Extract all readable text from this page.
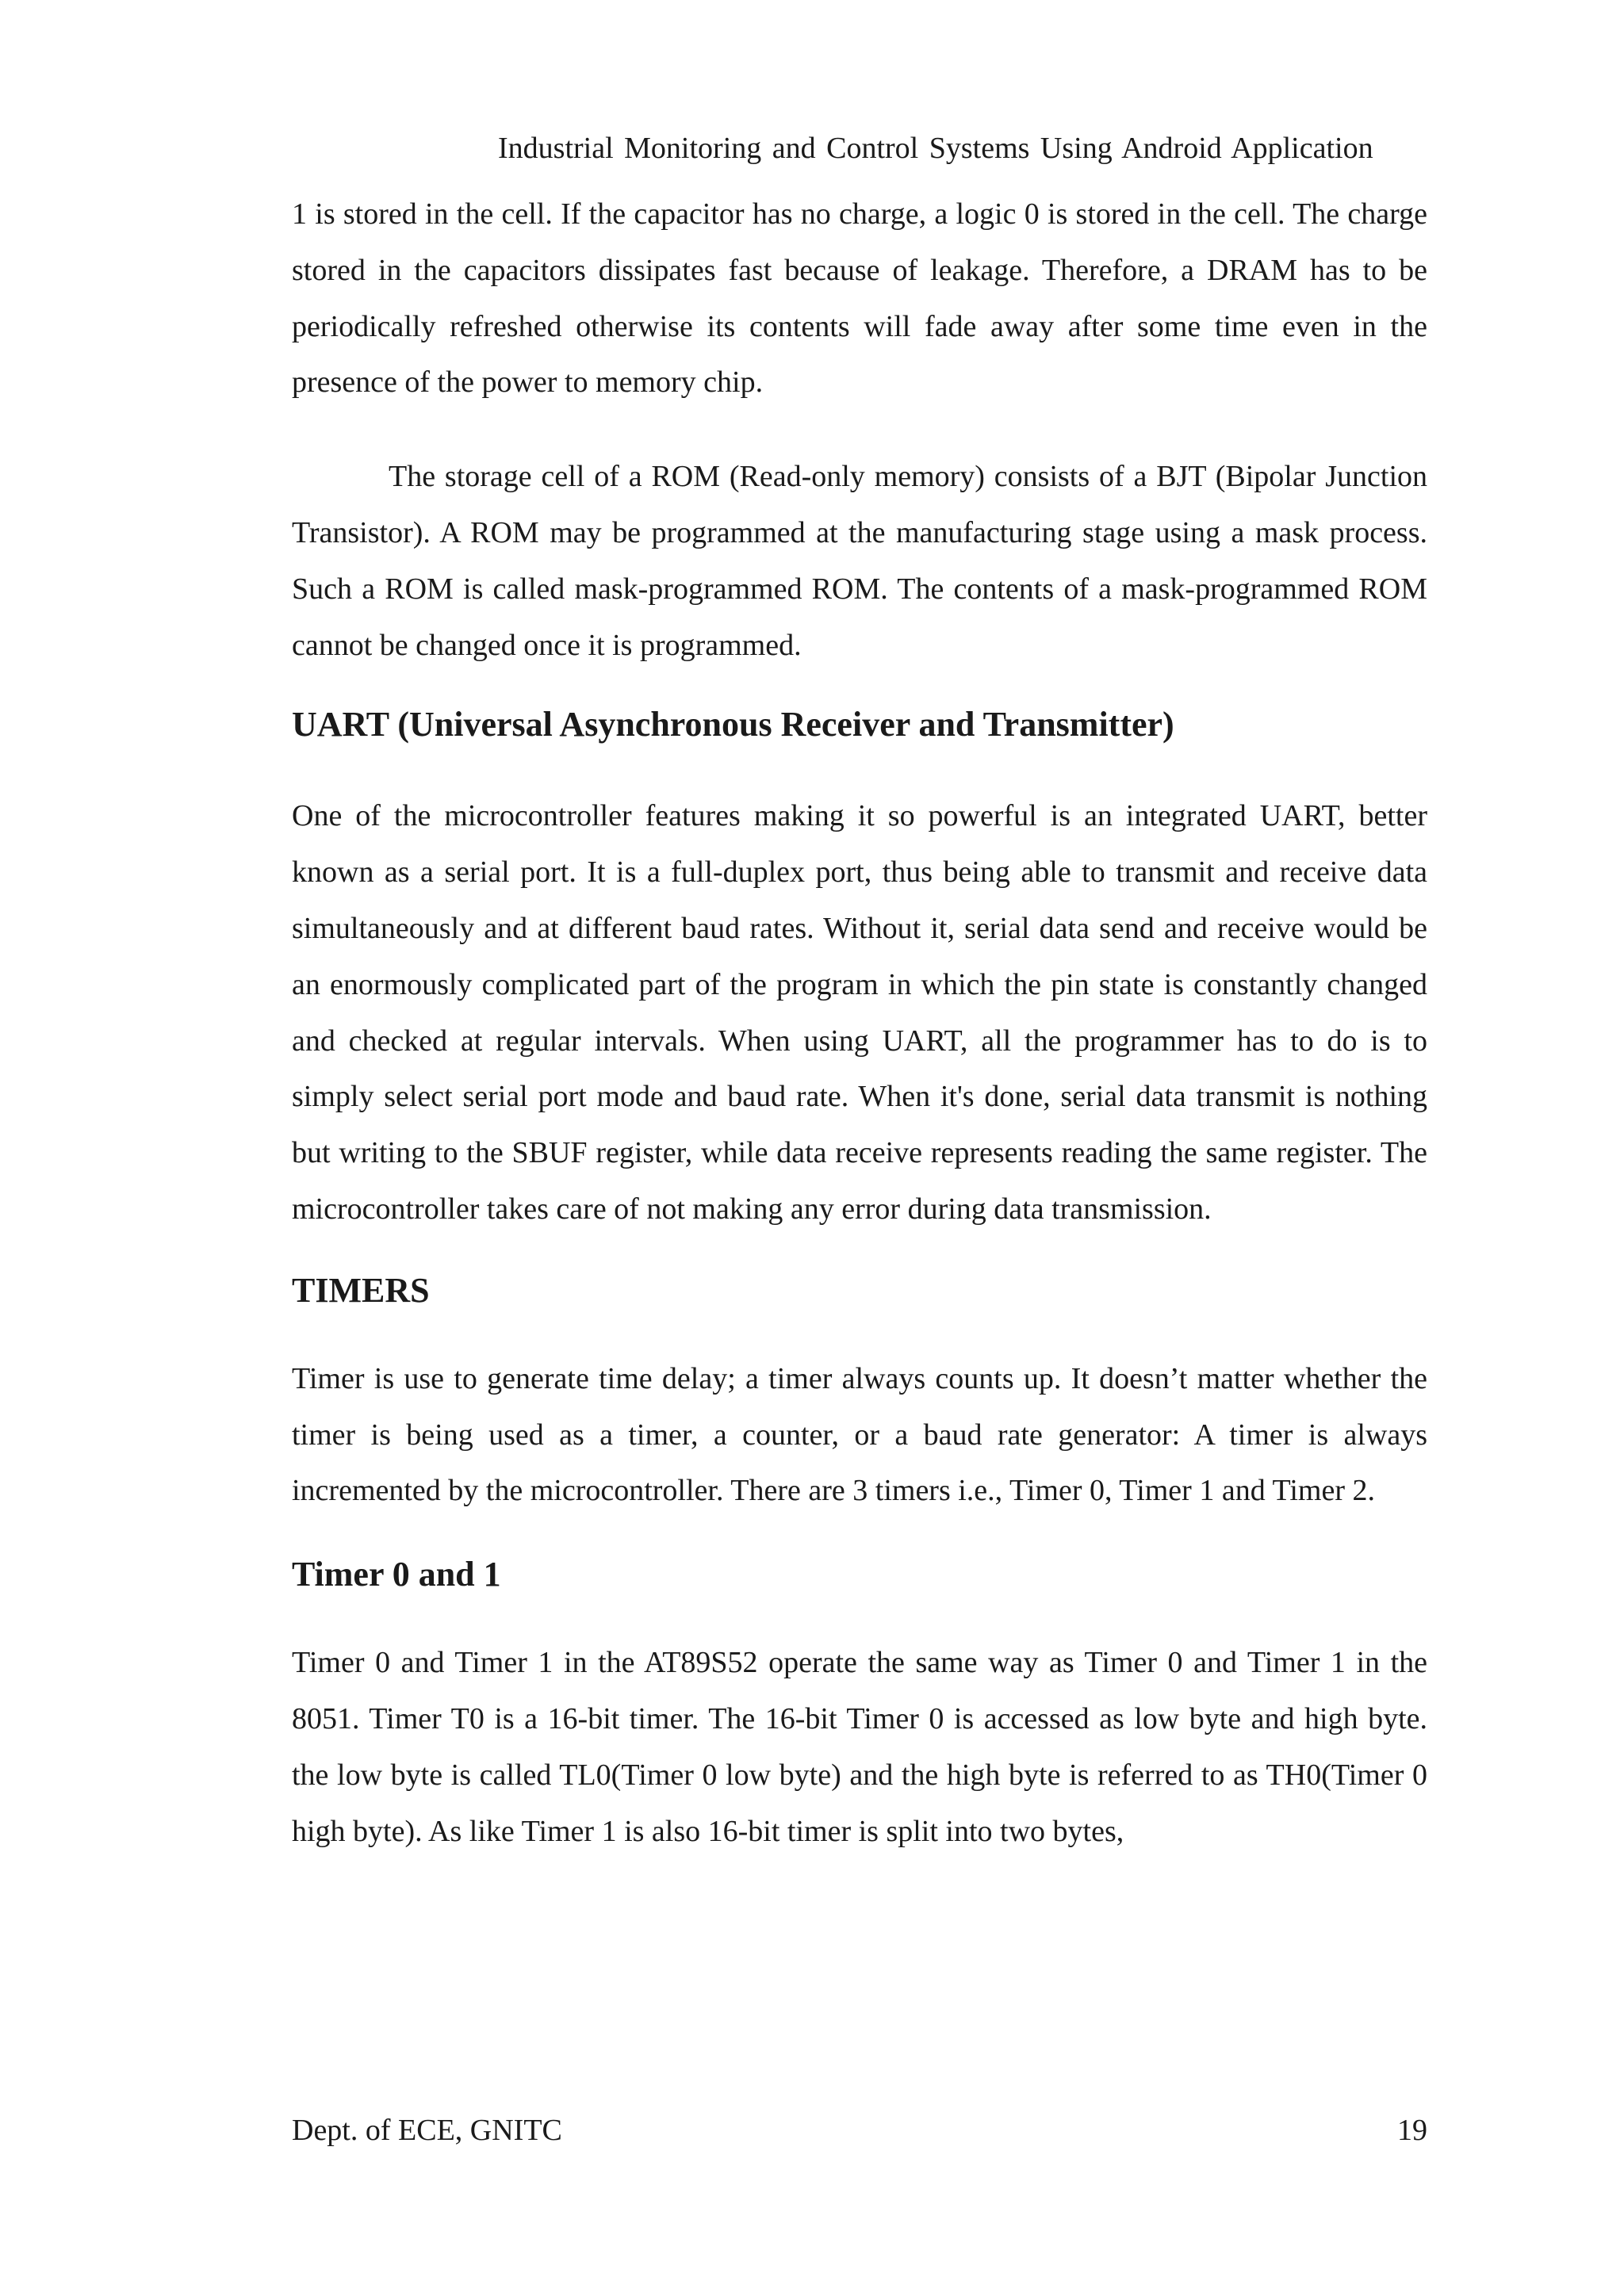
Industrial Monitoring and Control Systems Using Android Application

1 is stored in the cell. If the capacitor has no charge, a logic 0 is stored in the cell. The charge stored in the capacitors dissipates fast because of leakage. Therefore, a DRAM has to be periodically refreshed otherwise its contents will fade away after some time even in the presence of the power to memory chip.

The storage cell of a ROM (Read-only memory) consists of a BJT (Bipolar Junction Transistor). A ROM may be programmed at the manufacturing stage using a mask process. Such a ROM is called mask-programmed ROM. The contents of a mask-programmed ROM cannot be changed once it is programmed.

UART (Universal Asynchronous Receiver and Transmitter)

One of the microcontroller features making it so powerful is an integrated UART, better known as a serial port. It is a full-duplex port, thus being able to transmit and receive data simultaneously and at different baud rates. Without it, serial data send and receive would be an enormously complicated part of the program in which the pin state is constantly changed and checked at regular intervals. When using UART, all the programmer has to do is to simply select serial port mode and baud rate. When it's done, serial data transmit is nothing but writing to the SBUF register, while data receive represents reading the same register. The microcontroller takes care of not making any error during data transmission.

TIMERS

Timer is use to generate time delay; a timer always counts up. It doesn’t matter whether the timer is being used as a timer, a counter, or a baud rate generator: A timer is always incremented by the microcontroller. There are 3 timers i.e., Timer 0, Timer 1 and Timer 2.

Timer 0 and 1

Timer 0 and Timer 1 in the AT89S52 operate the same way as Timer 0 and Timer 1 in the 8051. Timer T0 is a 16-bit timer. The 16-bit Timer 0 is accessed as low byte and high byte. the low byte is called TL0(Timer 0 low byte) and the high byte is referred to as TH0(Timer 0 high byte). As like Timer 1 is also 16-bit timer is split into two bytes,

Dept. of ECE, GNITC	19
